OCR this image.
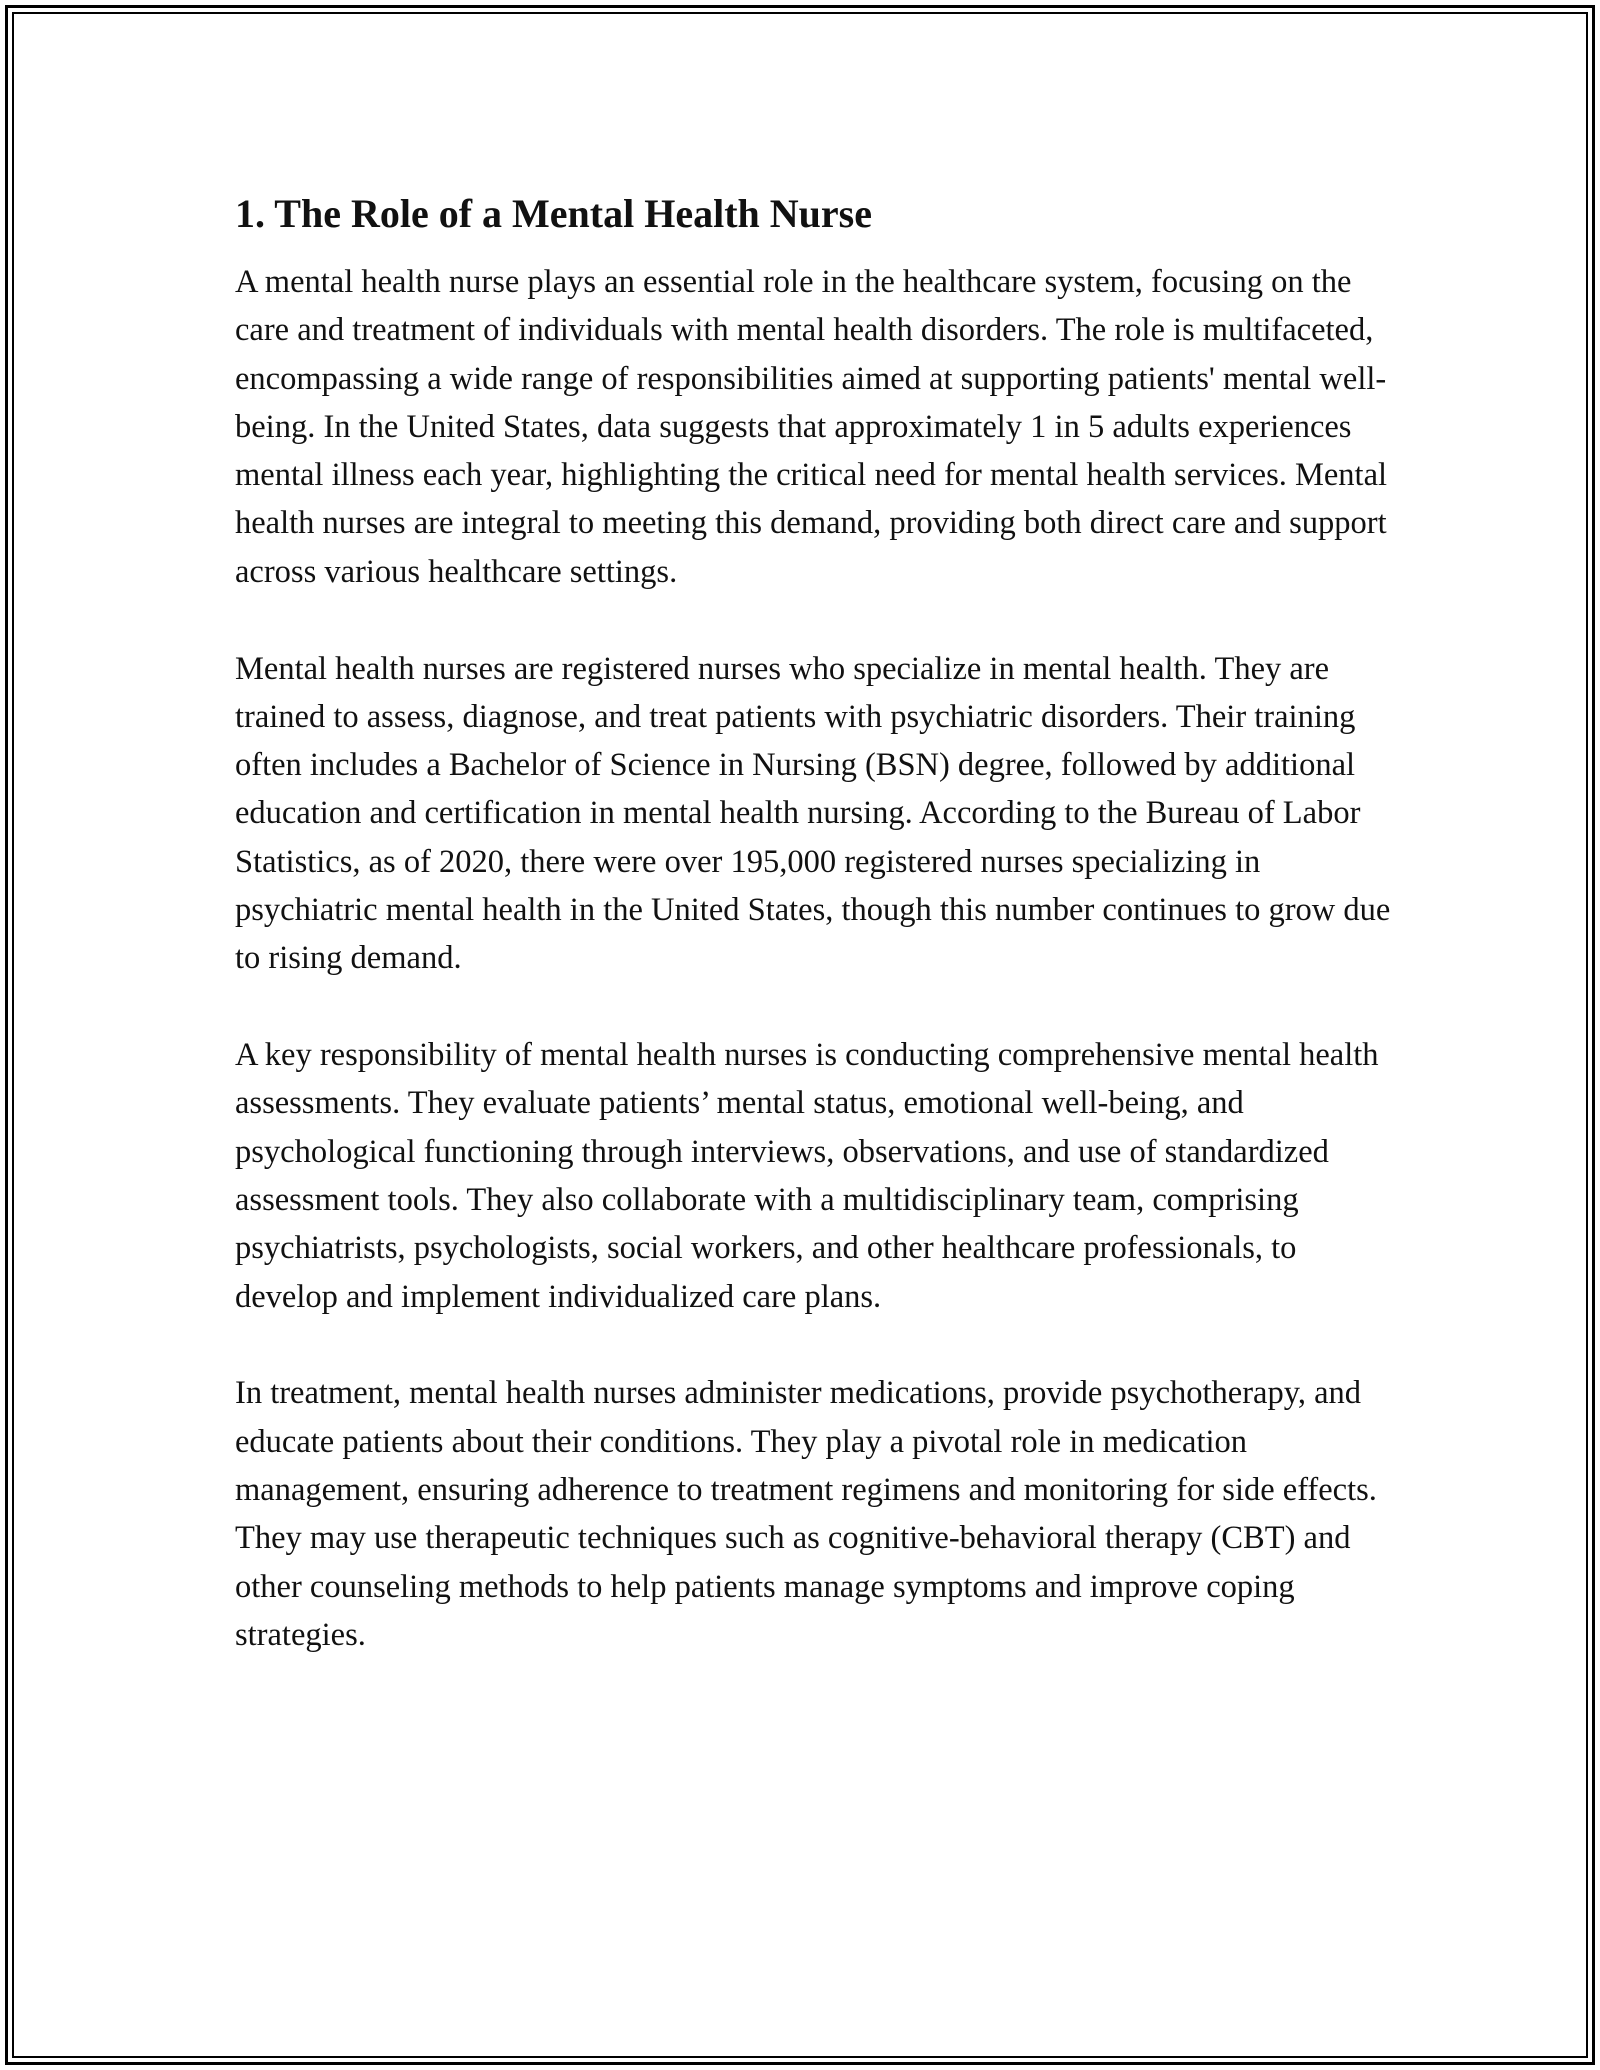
1. The Role of a Mental Health Nurse

A mental health nurse plays an essential role in the healthcare system, focusing on the care and treatment of individuals with mental health disorders. The role is multifaceted, encompassing a wide range of responsibilities aimed at supporting patients' mental well-being. In the United States, data suggests that approximately 1 in 5 adults experiences mental illness each year, highlighting the critical need for mental health services. Mental health nurses are integral to meeting this demand, providing both direct care and support across various healthcare settings.

Mental health nurses are registered nurses who specialize in mental health. They are trained to assess, diagnose, and treat patients with psychiatric disorders. Their training often includes a Bachelor of Science in Nursing (BSN) degree, followed by additional education and certification in mental health nursing. According to the Bureau of Labor Statistics, as of 2020, there were over 195,000 registered nurses specializing in psychiatric mental health in the United States, though this number continues to grow due to rising demand.

A key responsibility of mental health nurses is conducting comprehensive mental health assessments. They evaluate patients’ mental status, emotional well-being, and psychological functioning through interviews, observations, and use of standardized assessment tools. They also collaborate with a multidisciplinary team, comprising psychiatrists, psychologists, social workers, and other healthcare professionals, to develop and implement individualized care plans.

In treatment, mental health nurses administer medications, provide psychotherapy, and educate patients about their conditions. They play a pivotal role in medication management, ensuring adherence to treatment regimens and monitoring for side effects. They may use therapeutic techniques such as cognitive-behavioral therapy (CBT) and other counseling methods to help patients manage symptoms and improve coping strategies.
